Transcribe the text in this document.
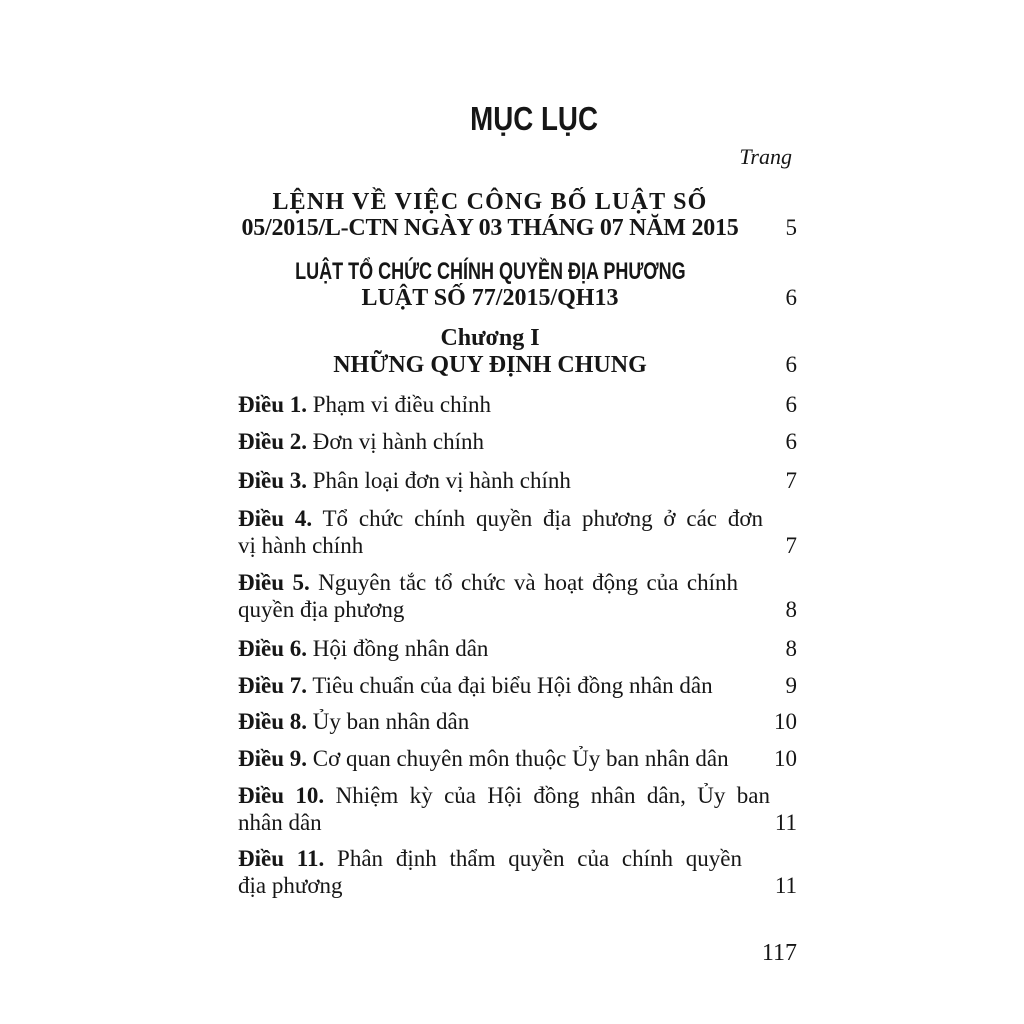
MỤC LỤC
Trang
LỆNH VỀ VIỆC CÔNG BỐ LUẬT SỐ
05/2015/L-CTN NGÀY 03 THÁNG 07 NĂM 2015	5
LUẬT TỔ CHỨC CHÍNH QUYỀN ĐỊA PHƯƠNG
LUẬT SỐ 77/2015/QH13	6
Chương I
NHỮNG QUY ĐỊNH CHUNG	6
Điều 1. Phạm vi điều chỉnh	6
Điều 2. Đơn vị hành chính	6
Điều 3. Phân loại đơn vị hành chính	7
Điều 4. Tổ chức chính quyền địa phương ở các đơn
vị hành chính	7
Điều 5. Nguyên tắc tổ chức và hoạt động của chính
quyền địa phương	8
Điều 6. Hội đồng nhân dân	8
Điều 7. Tiêu chuẩn của đại biểu Hội đồng nhân dân	9
Điều 8. Ủy ban nhân dân	10
Điều 9. Cơ quan chuyên môn thuộc Ủy ban nhân dân	10
Điều 10. Nhiệm kỳ của Hội đồng nhân dân, Ủy ban
nhân dân	11
Điều 11. Phân định thẩm quyền của chính quyền
địa phương	11
117
